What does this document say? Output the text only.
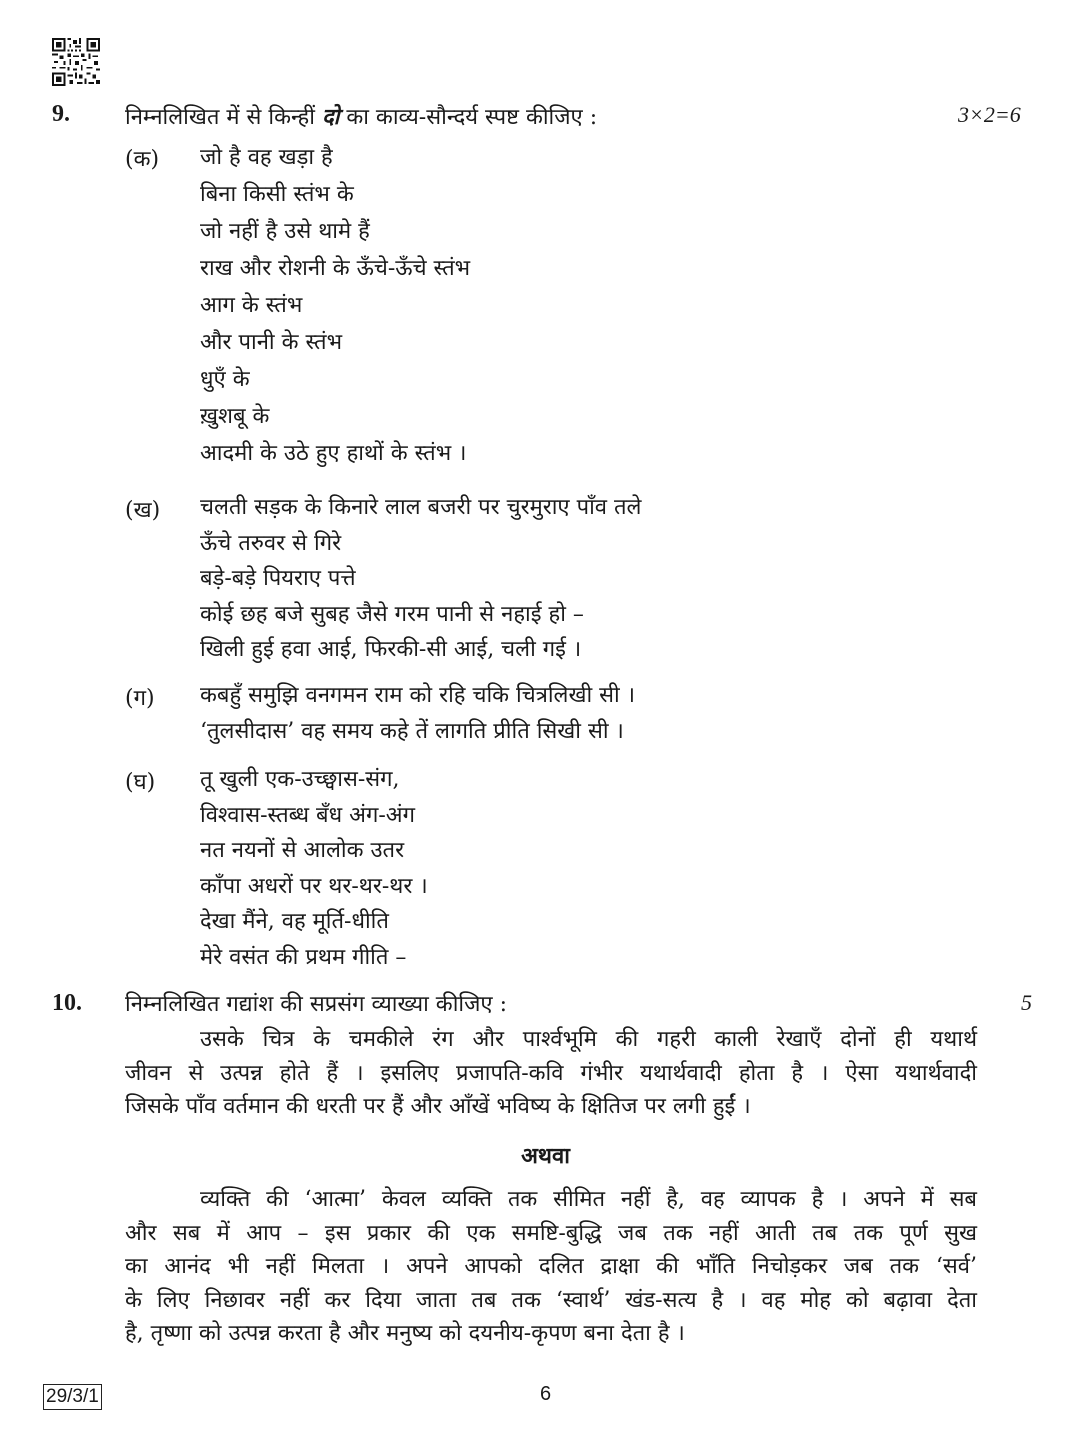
9.	निम्नलिखित में से किन्हीं दो का काव्य-सौन्दर्य स्पष्ट कीजिए :	3×2=6
(क) जो है वह खड़ा है
बिना किसी स्तंभ के
जो नहीं है उसे थामे हैं
राख और रोशनी के ऊँचे-ऊँचे स्तंभ
आग के स्तंभ
और पानी के स्तंभ
धुएँ के
ख़ुशबू के
आदमी के उठे हुए हाथों के स्तंभ ।
(ख) चलती सड़क के किनारे लाल बजरी पर चुरमुराए पाँव तले
ऊँचे तरुवर से गिरे
बड़े-बड़े पियराए पत्ते
कोई छह बजे सुबह जैसे गरम पानी से नहाई हो –
खिली हुई हवा आई, फिरकी-सी आई, चली गई ।
(ग) कबहुँ समुझि वनगमन राम को रहि चकि चित्रलिखी सी ।
‘तुलसीदास’ वह समय कहे तें लागति प्रीति सिखी सी ।
(घ) तू खुली एक-उच्छ्वास-संग,
विश्वास-स्तब्ध बँध अंग-अंग
नत नयनों से आलोक उतर
काँपा अधरों पर थर-थर-थर ।
देखा मैंने, वह मूर्ति-धीति
मेरे वसंत की प्रथम गीति –
10. निम्नलिखित गद्यांश की सप्रसंग व्याख्या कीजिए :	5
उसके चित्र के चमकीले रंग और पार्श्वभूमि की गहरी काली रेखाएँ दोनों ही यथार्थ
जीवन से उत्पन्न होते हैं । इसलिए प्रजापति-कवि गंभीर यथार्थवादी होता है । ऐसा यथार्थवादी
जिसके पाँव वर्तमान की धरती पर हैं और आँखें भविष्य के क्षितिज पर लगी हुईं ।
अथवा
व्यक्ति की ‘आत्मा’ केवल व्यक्ति तक सीमित नहीं है, वह व्यापक है । अपने में सब
और सब में आप – इस प्रकार की एक समष्टि-बुद्धि जब तक नहीं आती तब तक पूर्ण सुख
का आनंद भी नहीं मिलता । अपने आपको दलित द्राक्षा की भाँति निचोड़कर जब तक ‘सर्व’
के लिए निछावर नहीं कर दिया जाता तब तक ‘स्वार्थ’ खंड-सत्य है । वह मोह को बढ़ावा देता
है, तृष्णा को उत्पन्न करता है और मनुष्य को दयनीय-कृपण बना देता है ।
29/3/1	6
